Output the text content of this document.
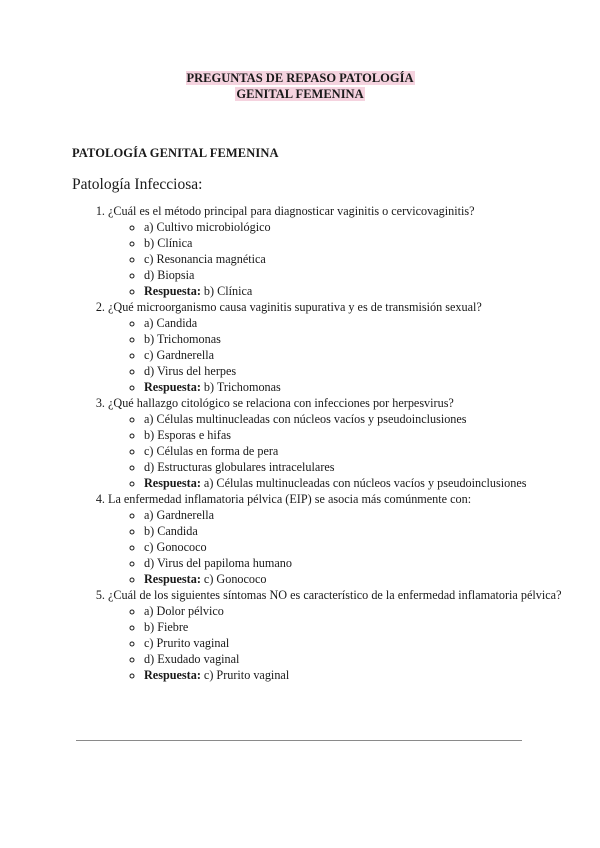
PREGUNTAS DE REPASO PATOLOGÍA
GENITAL FEMENINA
PATOLOGÍA GENITAL FEMENINA
Patología Infecciosa:
1. ¿Cuál es el método principal para diagnosticar vaginitis o cervicovaginitis?
◦ a) Cultivo microbiológico
◦ b) Clínica
◦ c) Resonancia magnética
◦ d) Biopsia
◦ Respuesta: b) Clínica
2. ¿Qué microorganismo causa vaginitis supurativa y es de transmisión sexual?
◦ a) Candida
◦ b) Trichomonas
◦ c) Gardnerella
◦ d) Virus del herpes
◦ Respuesta: b) Trichomonas
3. ¿Qué hallazgo citológico se relaciona con infecciones por herpesvirus?
◦ a) Células multinucleadas con núcleos vacíos y pseudoinclusiones
◦ b) Esporas e hifas
◦ c) Células en forma de pera
◦ d) Estructuras globulares intracelulares
◦ Respuesta: a) Células multinucleadas con núcleos vacíos y pseudoinclusiones
4. La enfermedad inflamatoria pélvica (EIP) se asocia más comúnmente con:
◦ a) Gardnerella
◦ b) Candida
◦ c) Gonococo
◦ d) Virus del papiloma humano
◦ Respuesta: c) Gonococo
5. ¿Cuál de los siguientes síntomas NO es característico de la enfermedad inflamatoria pélvica?
◦ a) Dolor pélvico
◦ b) Fiebre
◦ c) Prurito vaginal
◦ d) Exudado vaginal
◦ Respuesta: c) Prurito vaginal
